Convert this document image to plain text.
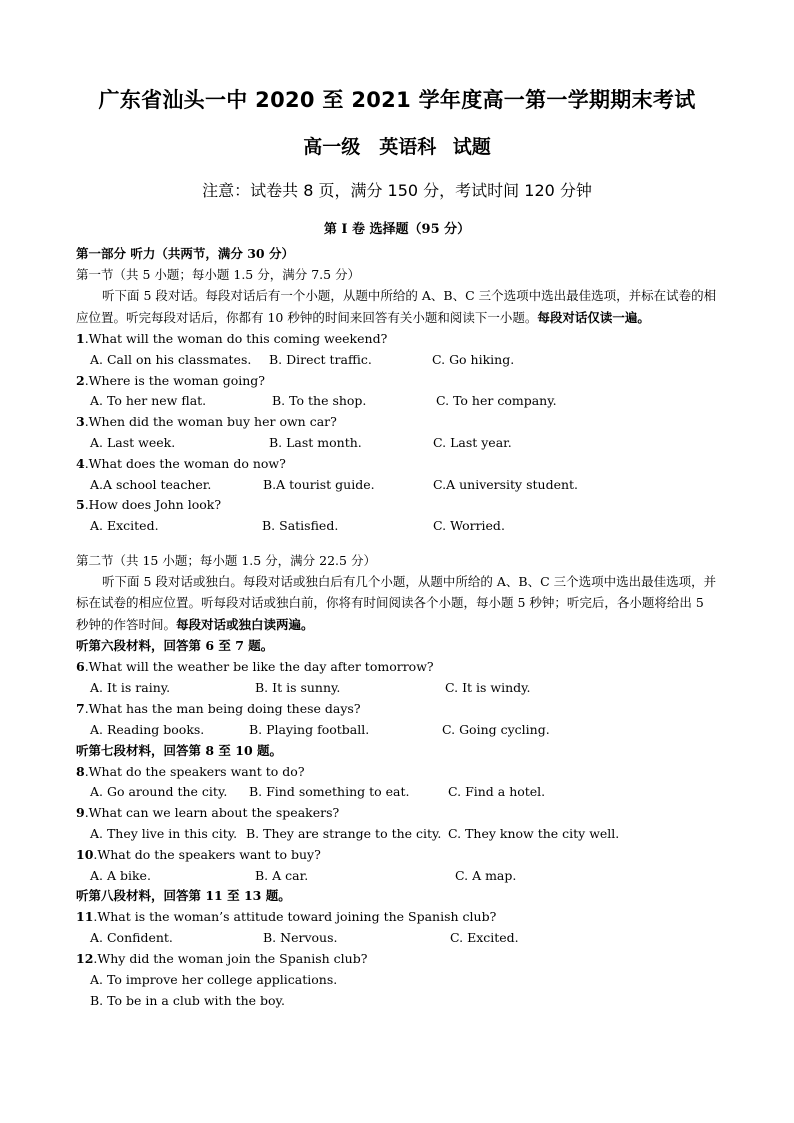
广东省汕头一中 2020 至 2021 学年度高一第一学期期末考试
高一级　英语科 试题
注意：试卷共 8 页，满分 150 分，考试时间 120 分钟
第 I 卷 选择题（95 分）
第一部分 听力（共两节，满分 30 分）
第一节（共 5 小题；每小题 1.5 分，满分 7.5 分）
听下面 5 段对话。每段对话后有一个小题，从题中所给的 A、B、C 三个选项中选出最佳选项，并标在试卷的相应位置。听完每段对话后，你都有 10 秒钟的时间来回答有关小题和阅读下一小题。每段对话仅读一遍。
1.What will the woman do this coming weekend?
A. Call on his classmates. B. Direct traffic.	C. Go hiking.
2.Where is the woman going?
A. To her new flat.	B. To the shop.	C. To her company.
3.When did the woman buy her own car?
A. Last week.	B. Last month.	C. Last year.
4.What does the woman do now?
A.A school teacher.	B.A tourist guide.	C.A university student.
5.How does John look?
A. Excited.	B. Satisfied.	C. Worried.
第二节（共 15 小题；每小题 1.5 分，满分 22.5 分）
听下面 5 段对话或独白。每段对话或独白后有几个小题，从题中所给的 A、B、C 三个选项中选出最佳选项，并标在试卷的相应位置。听每段对话或独白前，你将有时间阅读各个小题，每小题 5 秒钟；听完后，各小题将给出 5 秒钟的作答时间。每段对话或独白读两遍。
听第六段材料，回答第 6 至 7 题。
6.What will the weather be like the day after tomorrow?
A. It is rainy.	B. It is sunny.	C. It is windy.
7.What has the man being doing these days?
A. Reading books.	B. Playing football.	C. Going cycling.
听第七段材料，回答第 8 至 10 题。
8.What do the speakers want to do?
A. Go around the city. B. Find something to eat.	C. Find a hotel.
9.What can we learn about the speakers?
A. They live in this city. B. They are strange to the city. C. They know the city well.
10.What do the speakers want to buy?
A. A bike.	B. A car.	C. A map.
听第八段材料，回答第 11 至 13 题。
11.What is the woman’s attitude toward joining the Spanish club?
A. Confident.	B. Nervous.	C. Excited.
12.Why did the woman join the Spanish club?
A. To improve her college applications.
B. To be in a club with the boy.
